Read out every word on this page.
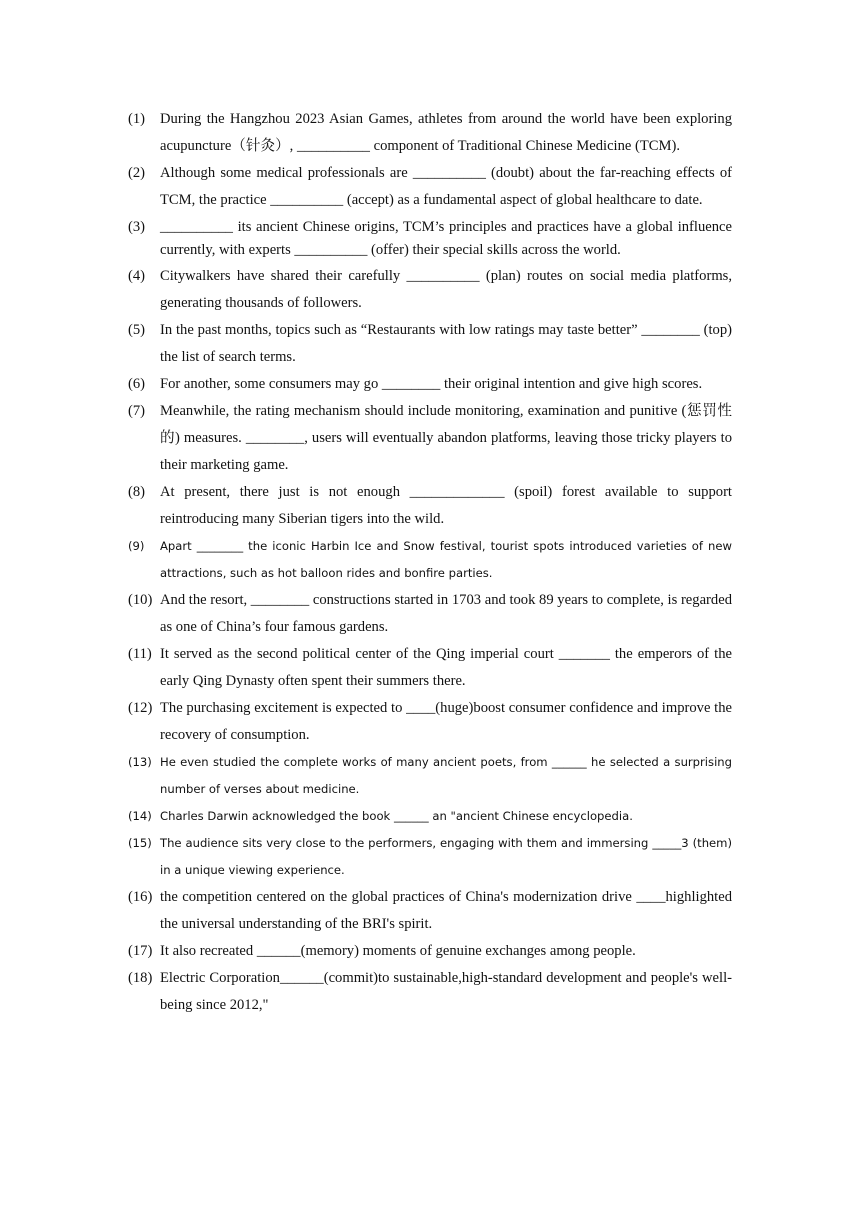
(1)	During the Hangzhou 2023 Asian Games, athletes from around the world have been exploring acupuncture（针灸）, __________ component of Traditional Chinese Medicine (TCM).
(2)	Although some medical professionals are __________ (doubt) about the far-reaching effects of TCM, the practice __________ (accept) as a fundamental aspect of global healthcare to date.
(3)	__________ its ancient Chinese origins, TCM’s principles and practices have a global influence currently, with experts __________ (offer) their special skills across the world.
(4)	Citywalkers have shared their carefully __________ (plan) routes on social media platforms, generating thousands of followers.
(5)	In the past months, topics such as “Restaurants with low ratings may taste better” ________ (top) the list of search terms.
(6)	For another, some consumers may go ________ their original intention and give high scores.
(7)	Meanwhile, the rating mechanism should include monitoring, examination and punitive (惩罚性的) measures. ________, users will eventually abandon platforms, leaving those tricky players to their marketing game.
(8)	At present, there just is not enough _____________ (spoil) forest available to support reintroducing many Siberian tigers into the wild.
(9)	Apart ________ the iconic Harbin Ice and Snow festival, tourist spots introduced varieties of new attractions, such as hot balloon rides and bonfire parties.
(10) And the resort, ________ constructions started in 1703 and took 89 years to complete, is regarded as one of China’s four famous gardens.
(11) It served as the second political center of the Qing imperial court _______ the emperors of the early Qing Dynasty often spent their summers there.
(12) The purchasing excitement is expected to ____(huge)boost consumer confidence and improve the recovery of consumption.
(13) He even studied the complete works of many ancient poets, from ______ he selected a surprising number of verses about medicine.
(14) Charles Darwin acknowledged the book ______ an "ancient Chinese encyclopedia.
(15) The audience sits very close to the performers, engaging with them and immersing _____3 (them) in a unique viewing experience.
(16) the competition centered on the global practices of China's modernization drive ____highlighted the universal understanding of the BRI's spirit.
(17) It also recreated ______(memory) moments of genuine exchanges among people.
(18) Electric Corporation______(commit)to sustainable,high-standard development and people's well-being since 2012,"
